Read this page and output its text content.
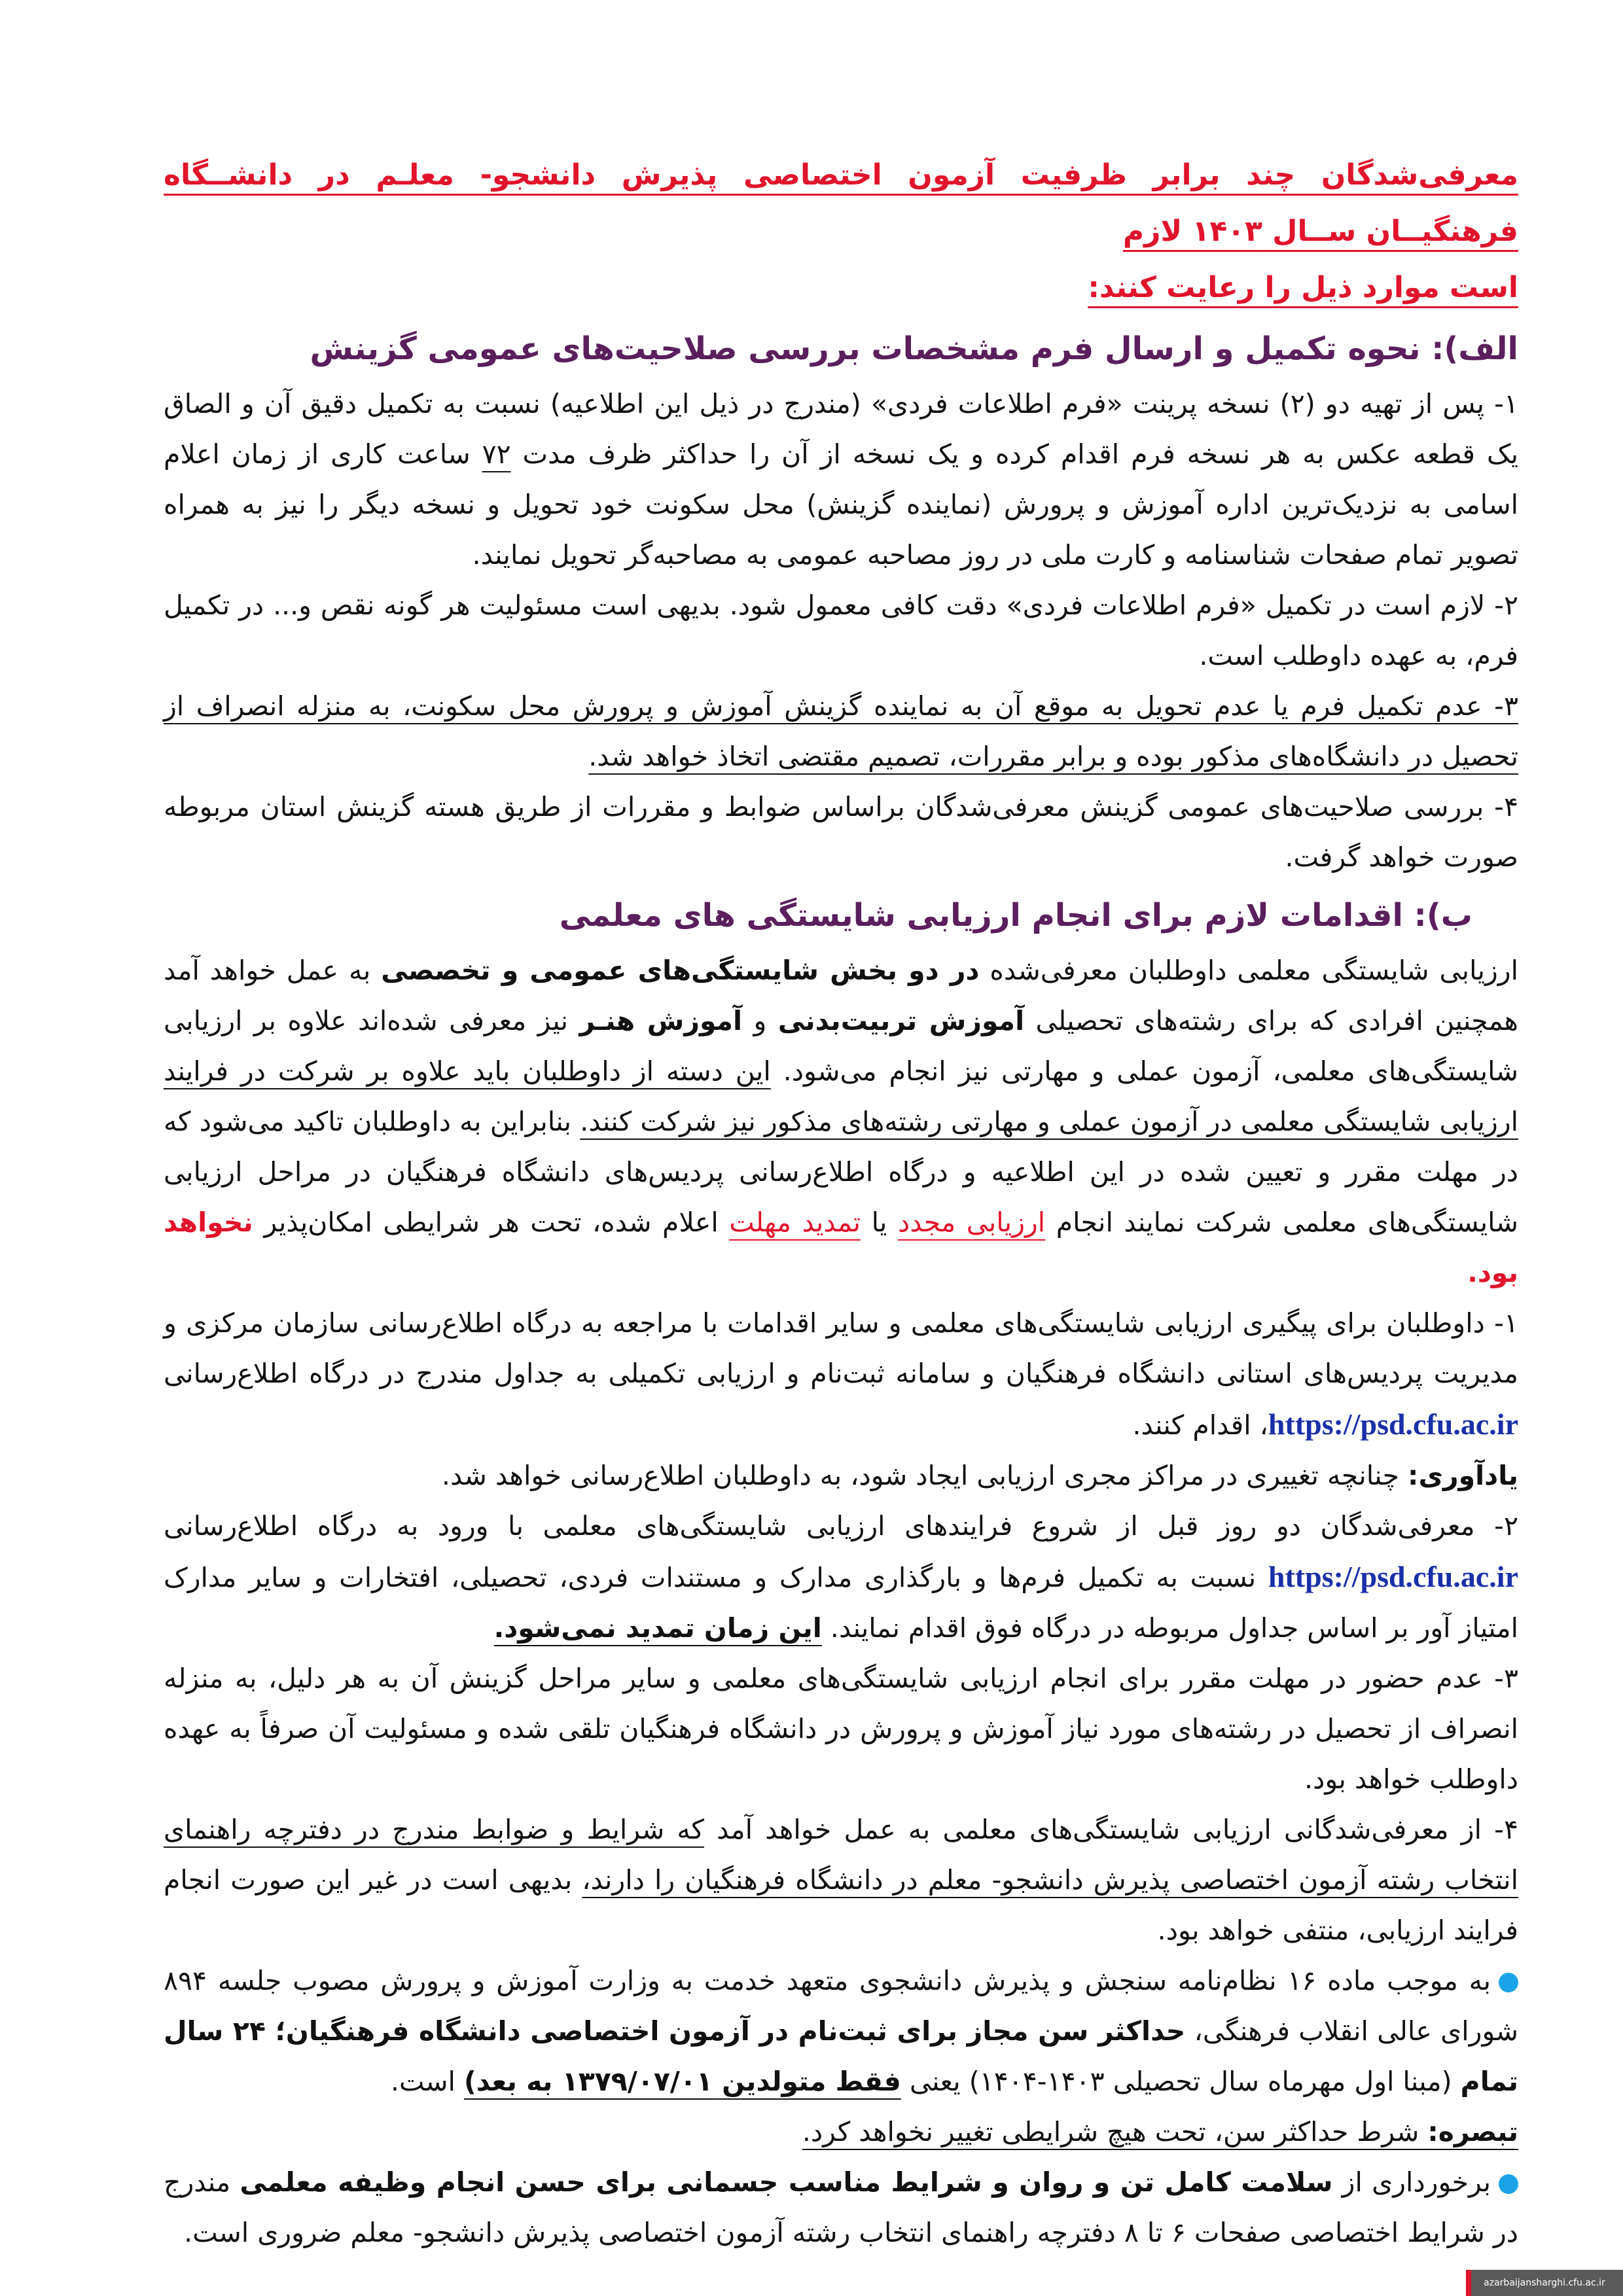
معرفی‌شدگان چند برابر ظرفیت آزمون اختصاصی پذیرش دانشجو- معلـم در دانشــگاه فرهنگیــان ســال ۱۴۰۳ لازم
است موارد ذیل را رعایت کنند:

الف): نحوه تکمیل و ارسال فرم مشخصات بررسی صلاحیت‌های عمومی گزینش

۱- پس از تهیه دو (۲) نسخه پرینت «فرم اطلاعات فردی» (مندرج در ذیل این اطلاعیه) نسبت به تکمیل دقیق آن و الصاق یک قطعه عکس به هر نسخه فرم اقدام کرده و یک نسخه از آن را حداکثر ظرف مدت ۷۲ ساعت کاری از زمان اعلام اسامی به نزدیک‌ترین اداره آموزش و پرورش (نماینده گزینش) محل سکونت خود تحویل و نسخه دیگر را نیز به همراه تصویر تمام صفحات شناسنامه و کارت ملی در روز مصاحبه عمومی به مصاحبه‌گر تحویل نمایند.

۲- لازم است در تکمیل «فرم اطلاعات فردی» دقت کافی معمول شود. بدیهی است مسئولیت هر گونه نقص و... در تکمیل فرم، به عهده داوطلب است.

۳- عدم تکمیل فرم یا عدم تحویل به موقع آن به نماینده گزینش آموزش و پرورش محل سکونت، به منزله انصراف از تحصیل در دانشگاه‌های مذکور بوده و برابر مقررات، تصمیم مقتضی اتخاذ خواهد شد.

۴- بررسی صلاحیت‌های عمومی گزینش معرفی‌شدگان براساس ضوابط و مقررات از طریق هسته گزینش استان مربوطه صورت خواهد گرفت.

ب): اقدامات لازم برای انجام ارزیابی شایستگی های معلمی

ارزیابی شایستگی معلمی داوطلبان معرفی‌شده در دو بخش شایستگی‌های عمومی و تخصصی به عمل خواهد آمد همچنین افرادی که برای رشته‌های تحصیلی آموزش تربیت‌بدنی و آموزش هنـر نیز معرفی شده‌اند علاوه بر ارزیابی شایستگی‌های معلمی، آزمون عملی و مهارتی نیز انجام می‌شود. این دسته از داوطلبان باید علاوه بر شرکت در فرایند ارزیابی شایستگی معلمی در آزمون عملی و مهارتی رشته‌های مذکور نیز شرکت کنند. بنابراین به داوطلبان تاکید می‌شود که در مهلت مقرر و تعیین شده در این اطلاعیه و درگاه اطلاع‌رسانی پردیس‌های دانشگاه فرهنگیان در مراحل ارزیابی شایستگی‌های معلمی شرکت نمایند انجام ارزیابی مجدد یا تمدید مهلت اعلام شده، تحت هر شرایطی امکان‌پذیر نخواهد بود.

۱- داوطلبان برای پیگیری ارزیابی شایستگی‌های معلمی و سایر اقدامات با مراجعه به درگاه اطلاع‌رسانی سازمان مرکزی و مدیریت پردیس‌های استانی دانشگاه فرهنگیان و سامانه ثبت‌نام و ارزیابی تکمیلی به جداول مندرج در درگاه اطلاع‌رسانی https://psd.cfu.ac.ir، اقدام کنند.

یادآوری: چنانچه تغییری در مراکز مجری ارزیابی ایجاد شود، به داوطلبان اطلاع‌رسانی خواهد شد.

۲- معرفی‌شدگان دو روز قبل از شروع فرایندهای ارزیابی شایستگی‌های معلمی با ورود به درگاه اطلاع‌رسانی https://psd.cfu.ac.ir نسبت به تکمیل فرم‌ها و بارگذاری مدارک و مستندات فردی، تحصیلی، افتخارات و سایر مدارک امتیاز آور بر اساس جداول مربوطه در درگاه فوق اقدام نمایند. این زمان تمدید نمی‌شود.

۳- عدم حضور در مهلت مقرر برای انجام ارزیابی شایستگی‌های معلمی و سایر مراحل گزینش آن به هر دلیل، به منزله انصراف از تحصیل در رشته‌های مورد نیاز آموزش و پرورش در دانشگاه فرهنگیان تلقی شده و مسئولیت آن صرفاً به عهده داوطلب خواهد بود.

۴- از معرفی‌شدگانی ارزیابی شایستگی‌های معلمی به عمل خواهد آمد که شرایط و ضوابط مندرج در دفترچه راهنمای انتخاب رشته آزمون اختصاصی پذیرش دانشجو- معلم در دانشگاه فرهنگیان را دارند، بدیهی است در غیر این صورت انجام فرایند ارزیابی، منتفی خواهد بود.

به موجب ماده ۱۶ نظام‌نامه سنجش و پذیرش دانشجوی متعهد خدمت به وزارت آموزش و پرورش مصوب جلسه ۸۹۴ شورای عالی انقلاب فرهنگی، حداکثر سن مجاز برای ثبت‌نام در آزمون اختصاصی دانشگاه فرهنگیان؛ ۲۴ سال تمام (مبنا اول مهرماه سال تحصیلی ۱۴۰۳-۱۴۰۴) یعنی فقط متولدین ۱۳۷۹/۰۷/۰۱ به بعد) است.

تبصره: شرط حداکثر سن، تحت هیچ شرایطی تغییر نخواهد کرد.

برخورداری از سلامت کامل تن و روان و شرایط مناسب جسمانی برای حسن انجام وظیفه معلمی مندرج در شرایط اختصاصی صفحات ۶ تا ۸ دفترچه راهنمای انتخاب رشته آزمون اختصاصی پذیرش دانشجو- معلم ضروری است.

azarbaijansharghi.cfu.ac.ir
